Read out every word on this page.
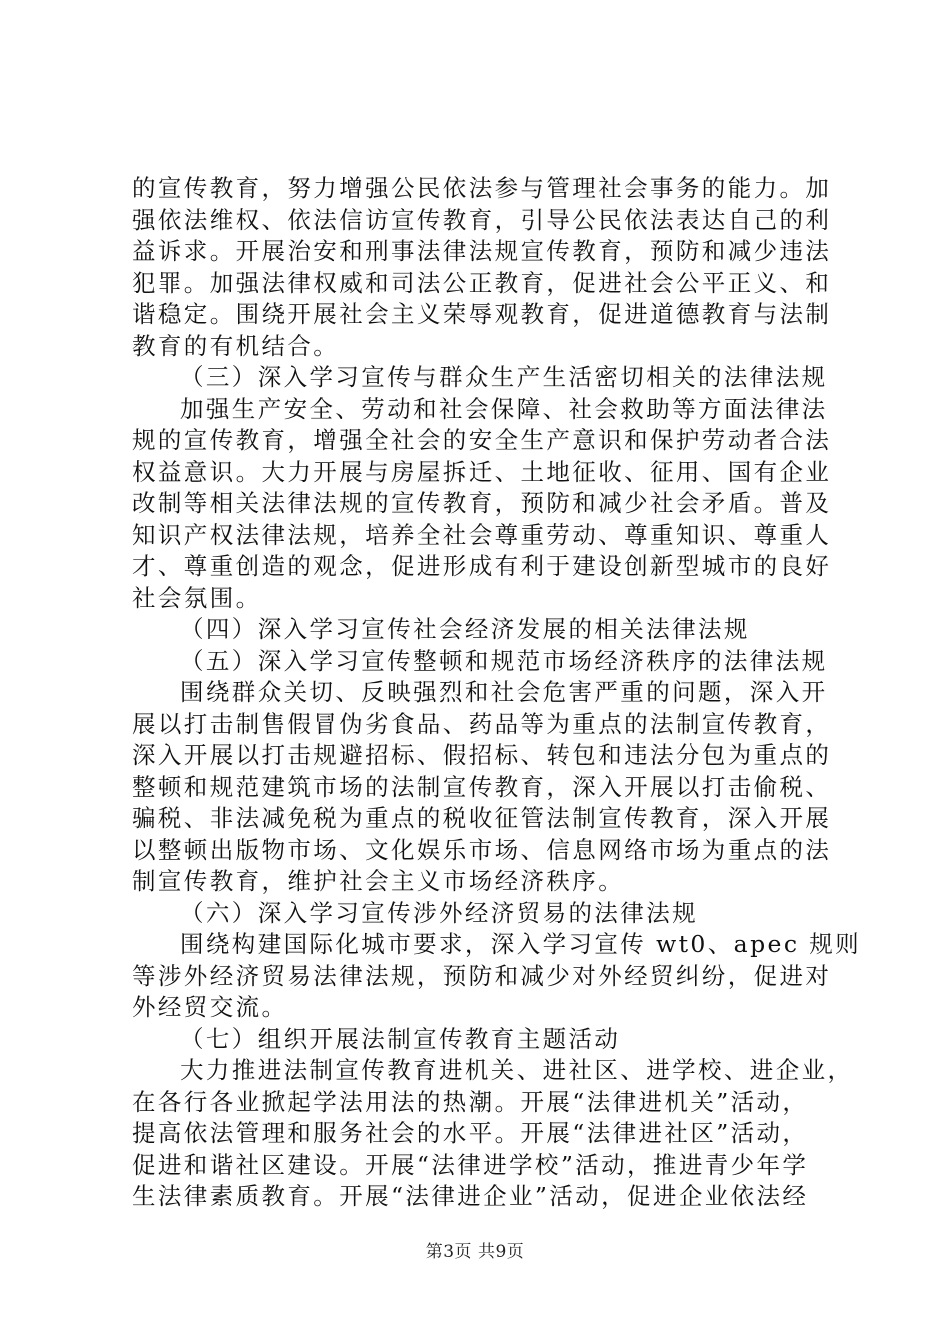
的宣传教育，努力增强公民依法参与管理社会事务的能力。加
强依法维权、依法信访宣传教育，引导公民依法表达自己的利
益诉求。开展治安和刑事法律法规宣传教育，预防和减少违法
犯罪。加强法律权威和司法公正教育，促进社会公平正义、和
谐稳定。围绕开展社会主义荣辱观教育，促进道德教育与法制
教育的有机结合。
（三）深入学习宣传与群众生产生活密切相关的法律法规
加强生产安全、劳动和社会保障、社会救助等方面法律法
规的宣传教育，增强全社会的安全生产意识和保护劳动者合法
权益意识。大力开展与房屋拆迁、土地征收、征用、国有企业
改制等相关法律法规的宣传教育，预防和减少社会矛盾。普及
知识产权法律法规，培养全社会尊重劳动、尊重知识、尊重人
才、尊重创造的观念，促进形成有利于建设创新型城市的良好
社会氛围。
（四）深入学习宣传社会经济发展的相关法律法规
（五）深入学习宣传整顿和规范市场经济秩序的法律法规
围绕群众关切、反映强烈和社会危害严重的问题，深入开
展以打击制售假冒伪劣食品、药品等为重点的法制宣传教育，
深入开展以打击规避招标、假招标、转包和违法分包为重点的
整顿和规范建筑市场的法制宣传教育，深入开展以打击偷税、
骗税、非法减免税为重点的税收征管法制宣传教育，深入开展
以整顿出版物市场、文化娱乐市场、信息网络市场为重点的法
制宣传教育，维护社会主义市场经济秩序。
（六）深入学习宣传涉外经济贸易的法律法规
围绕构建国际化城市要求，深入学习宣传 wt0、apec 规则
等涉外经济贸易法律法规，预防和减少对外经贸纠纷，促进对
外经贸交流。
（七）组织开展法制宣传教育主题活动
大力推进法制宣传教育进机关、进社区、进学校、进企业，
在各行各业掀起学法用法的热潮。开展“法律进机关”活动，
提高依法管理和服务社会的水平。开展“法律进社区”活动，
促进和谐社区建设。开展“法律进学校”活动，推进青少年学
生法律素质教育。开展“法律进企业”活动，促进企业依法经
第3页 共9页
